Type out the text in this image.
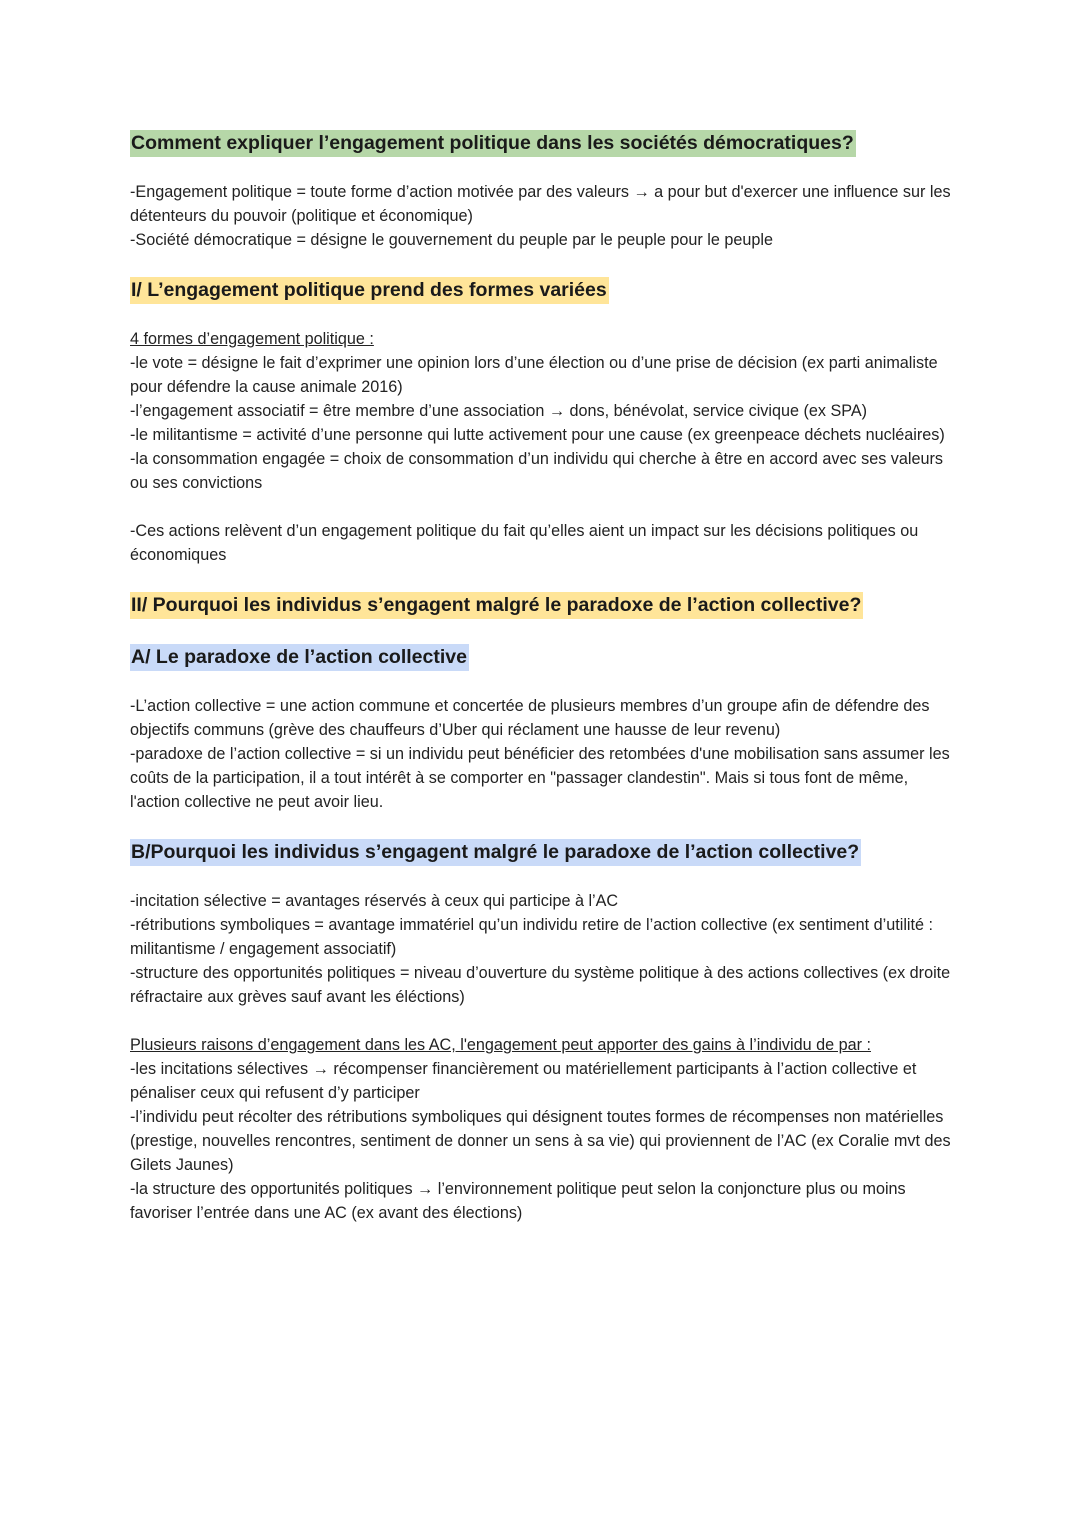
Comment expliquer l’engagement politique dans les sociétés démocratiques?

-Engagement politique = toute forme d’action motivée par des valeurs → a pour but d'exercer une influence sur les détenteurs du pouvoir (politique et économique)

-Société démocratique = désigne le gouvernement du peuple par le peuple pour le peuple

I/ L’engagement politique prend des formes variées

4 formes d’engagement politique :

-le vote = désigne le fait d’exprimer une opinion lors d’une élection ou d’une prise de décision (ex parti animaliste pour défendre la cause animale 2016)

-l’engagement associatif = être membre d’une association → dons, bénévolat, service civique (ex SPA)

-le militantisme = activité d’une personne qui lutte activement pour une cause (ex greenpeace déchets nucléaires)

-la consommation engagée = choix de consommation d’un individu qui cherche à être en accord avec ses valeurs ou ses convictions

-Ces actions relèvent d’un engagement politique du fait qu’elles aient un impact sur les décisions politiques ou économiques

II/ Pourquoi les individus s’engagent malgré le paradoxe de l’action collective?
A/ Le paradoxe de l’action collective

-L’action collective = une action commune et concertée de plusieurs membres d’un groupe afin de défendre des objectifs communs (grève des chauffeurs d’Uber qui réclament une hausse de leur revenu)

-paradoxe de l’action collective = si un individu peut bénéficier des retombées d'une mobilisation sans assumer les coûts de la participation, il a tout intérêt à se comporter en "passager clandestin". Mais si tous font de même, l'action collective ne peut avoir lieu.

B/Pourquoi les individus s’engagent malgré le paradoxe de l’action collective?

-incitation sélective = avantages réservés à ceux qui participe à l’AC

-rétributions symboliques = avantage immatériel qu’un individu retire de l’action collective (ex sentiment d’utilité : militantisme / engagement associatif)

-structure des opportunités politiques = niveau d’ouverture du système politique à des actions collectives (ex droite réfractaire aux grèves sauf avant les éléctions)

Plusieurs raisons d’engagement dans les AC, l'engagement peut apporter des gains à l’individu de par :

-les incitations sélectives → récompenser financièrement ou matériellement participants à l’action collective et pénaliser ceux qui refusent d’y participer

-l’individu peut récolter des rétributions symboliques qui désignent toutes formes de récompenses non matérielles (prestige, nouvelles rencontres, sentiment de donner un sens à sa vie) qui proviennent de l’AC (ex Coralie mvt des Gilets Jaunes)

-la structure des opportunités politiques → l’environnement politique peut selon la conjoncture plus ou moins favoriser l’entrée dans une AC (ex avant des élections)
